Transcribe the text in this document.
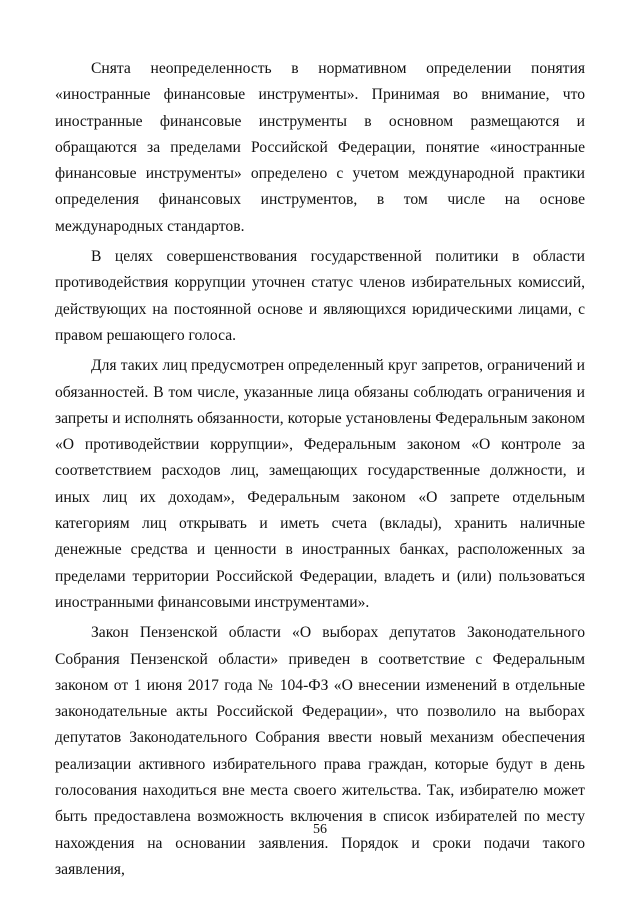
Снята неопределенность в нормативном определении понятия «иностранные финансовые инструменты». Принимая во внимание, что иностранные финансовые инструменты в основном размещаются и обращаются за пределами Российской Федерации, понятие «иностранные финансовые инструменты» определено с учетом международной практики определения финансовых инструментов, в том числе на основе международных стандартов.

В целях совершенствования государственной политики в области противодействия коррупции уточнен статус членов избирательных комиссий, действующих на постоянной основе и являющихся юридическими лицами, с правом решающего голоса.

Для таких лиц предусмотрен определенный круг запретов, ограничений и обязанностей. В том числе, указанные лица обязаны соблюдать ограничения и запреты и исполнять обязанности, которые установлены Федеральным законом «О противодействии коррупции», Федеральным законом «О контроле за соответствием расходов лиц, замещающих государственные должности, и иных лиц их доходам», Федеральным законом «О запрете отдельным категориям лиц открывать и иметь счета (вклады), хранить наличные денежные средства и ценности в иностранных банках, расположенных за пределами территории Российской Федерации, владеть и (или) пользоваться иностранными финансовыми инструментами».

Закон Пензенской области «О выборах депутатов Законодательного Собрания Пензенской области» приведен в соответствие с Федеральным законом от 1 июня 2017 года № 104-ФЗ «О внесении изменений в отдельные законодательные акты Российской Федерации», что позволило на выборах депутатов Законодательного Собрания ввести новый механизм обеспечения реализации активного избирательного права граждан, которые будут в день голосования находиться вне места своего жительства. Так, избирателю может быть предоставлена возможность включения в список избирателей по месту нахождения на основании заявления. Порядок и сроки подачи такого заявления,

56
